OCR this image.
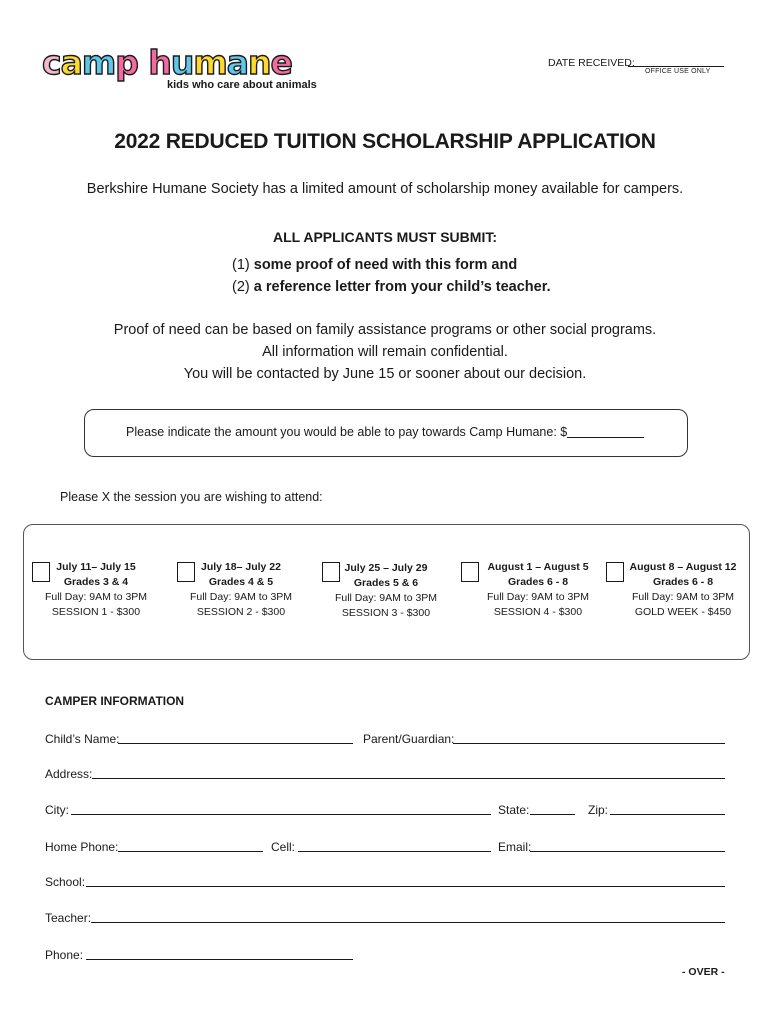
camp humane
kids who care about animals
DATE RECEIVED:
OFFICE USE ONLY
2022 REDUCED TUITION SCHOLARSHIP APPLICATION
Berkshire Humane Society has a limited amount of scholarship money available for campers.
ALL APPLICANTS MUST SUBMIT:
(1) some proof of need with this form and
(2) a reference letter from your child’s teacher.
Proof of need can be based on family assistance programs or other social programs.
All information will remain confidential.
You will be contacted by June 15 or sooner about our decision.
Please indicate the amount you would be able to pay towards Camp Humane: $
Please X the session you are wishing to attend:
July 11– July 15
Grades 3 & 4
Full Day: 9AM to 3PM
SESSION 1 - $300
July 18– July 22
Grades 4 & 5
Full Day: 9AM to 3PM
SESSION 2 - $300
July 25 – July 29
Grades 5 & 6
Full Day: 9AM to 3PM
SESSION 3 - $300
August 1 – August 5
Grades 6 - 8
Full Day: 9AM to 3PM
SESSION 4 - $300
August 8 – August 12
Grades 6 - 8
Full Day: 9AM to 3PM
GOLD WEEK - $450
CAMPER INFORMATION
Child’s Name:	Parent/Guardian:
Address:
City:	State:	Zip:
Home Phone:	Cell:	Email:
School:
Teacher:
Phone:
- OVER -
